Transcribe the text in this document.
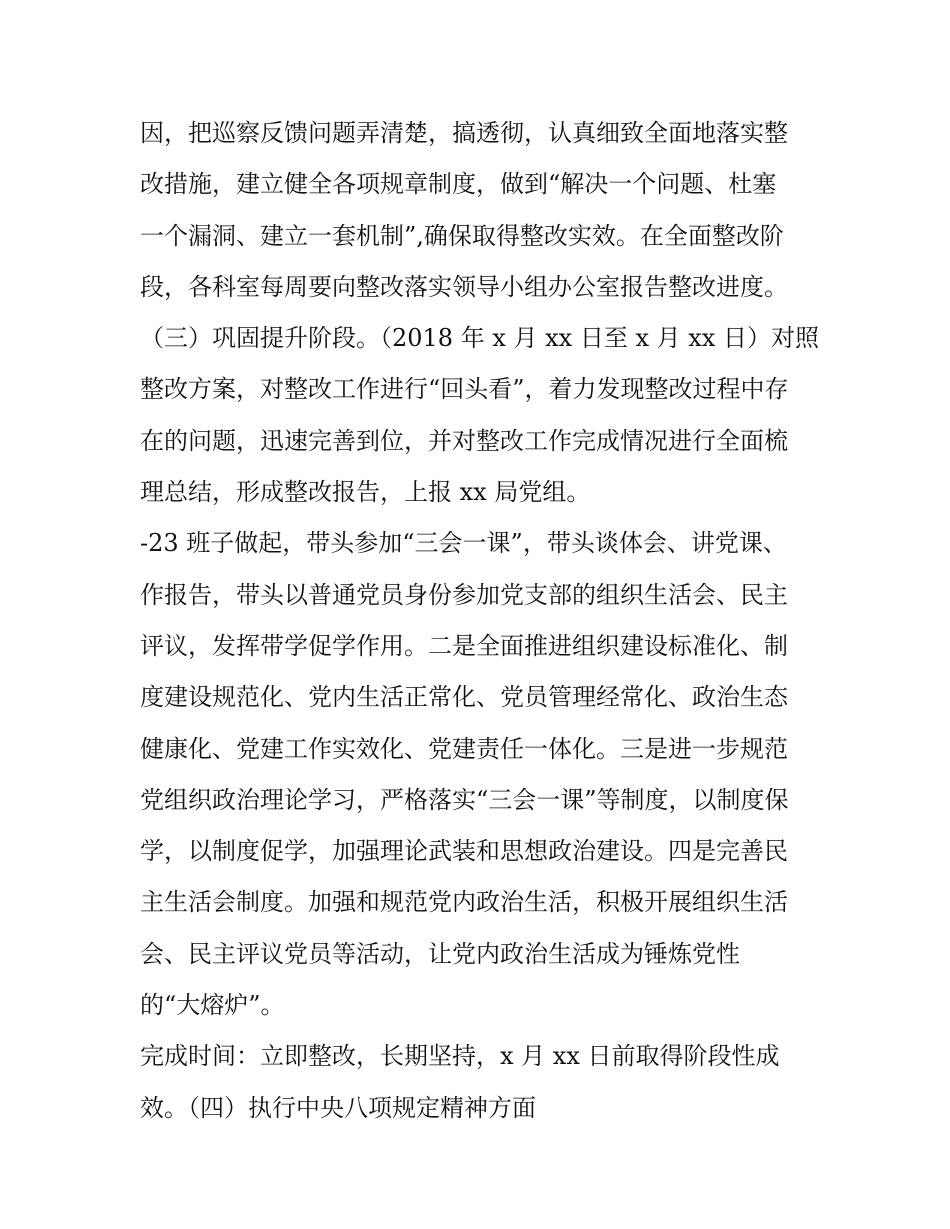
因，把巡察反馈问题弄清楚，搞透彻，认真细致全面地落实整
改措施，建立健全各项规章制度，做到“解决一个问题、杜塞
一个漏洞、建立一套机制”,确保取得整改实效。在全面整改阶
段，各科室每周要向整改落实领导小组办公室报告整改进度。
（三）巩固提升阶段。（2018 年 x 月 xx 日至 x 月 xx 日）对照
整改方案，对整改工作进行“回头看”，着力发现整改过程中存
在的问题，迅速完善到位，并对整改工作完成情况进行全面梳
理总结，形成整改报告，上报 xx 局党组。
-23 班子做起，带头参加“三会一课”，带头谈体会、讲党课、
作报告，带头以普通党员身份参加党支部的组织生活会、民主
评议，发挥带学促学作用。二是全面推进组织建设标准化、制
度建设规范化、党内生活正常化、党员管理经常化、政治生态
健康化、党建工作实效化、党建责任一体化。三是进一步规范
党组织政治理论学习，严格落实“三会一课”等制度，以制度保
学，以制度促学，加强理论武装和思想政治建设。四是完善民
主生活会制度。加强和规范党内政治生活，积极开展组织生活
会、民主评议党员等活动，让党内政治生活成为锤炼党性
的“大熔炉”。
完成时间：立即整改，长期坚持，x 月 xx 日前取得阶段性成
效。（四）执行中央八项规定精神方面
